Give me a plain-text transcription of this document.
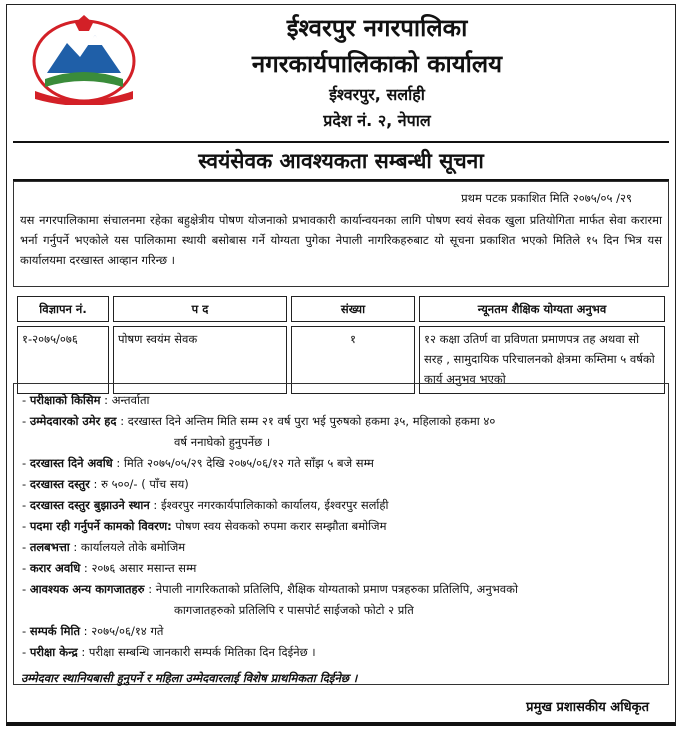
ईश्वरपुर नगरपालिका
नगरकार्यपालिकाको कार्यालय
ईश्वरपुर, सर्लाही
प्रदेश नं. २, नेपाल
स्वयंसेवक आवश्यकता सम्बन्धी सूचना
प्रथम पटक प्रकाशित मिति २०७५/०५ /२९
यस नगरपालिकामा संचालनमा रहेका बहुक्षेत्रीय पोषण योजनाको प्रभावकारी कार्यान्वयनका लागि पोषण स्वयं सेवक खुला प्रतियोगिता मार्फत सेवा करारमा भर्ना गर्नुपर्ने भएकोले यस पालिकामा स्थायी बसोबास गर्ने योग्यता पुगेका नेपाली नागरिकहरुबाट यो सूचना प्रकाशित भएको मितिले १५ दिन भित्र यस कार्यालयमा दरखास्त आव्हान गरिन्छ ।
विज्ञापन नं.	प द	संख्या	न्यूनतम शैक्षिक योग्यता अनुभव
१-२०७५/०७६	पोषण स्वयंम सेवक	१	१२ कक्षा उतिर्ण वा प्रविणता प्रमाणपत्र तह अथवा सो सरह , सामुदायिक परिचालनको क्षेत्रमा कम्तिमा ५ वर्षको कार्य अनुभव भएको
- परीक्षाको किसिम : अन्तर्वाता
- उम्मेदवारको उमेर हद : दरखास्त दिने अन्तिम मिति सम्म २१ वर्ष पुरा भई पुरुषको हकमा ३५, महिलाको हकमा ४०
वर्ष ननाघेको हुनुपर्नेछ ।
- दरखास्त दिने अवधि : मिति २०७५/०५/२९ देखि २०७५/०६/१२ गते साँझ ५ बजे सम्म
- दरखास्त दस्तुर : रु ५००/- ( पाँच सय)
- दरखास्त दस्तुर बुझाउने स्थान : ईश्वरपुर नगरकार्यपालिकाको कार्यालय, ईश्वरपुर सर्लाही
- पदमा रही गर्नुपर्ने कामको विवरण: पोषण स्वय सेवकको रुपमा करार सम्झौता बमोजिम
- तलबभत्ता : कार्यालयले तोके बमोजिम
- करार अवधि : २०७६ असार मसान्त सम्म
- आवश्यक अन्य कागजातहरु : नेपाली नागरिकताको प्रतिलिपि, शैक्षिक योग्यताको प्रमाण पत्रहरुका प्रतिलिपि, अनुभवको
कागजातहरुको प्रतिलिपि र पासपोर्ट साईजको फोटो २ प्रति
- सम्पर्क मिति : २०७५/०६/१४ गते
- परीक्षा केन्द्र : परीक्षा सम्बन्धि जानकारी सम्पर्क मितिका दिन दिईनेछ ।
उम्मेदवार स्थानियबासी हुनुपर्ने र महिला उम्मेदवारलाई विशेष प्राथमिकता दिईनेछ ।
प्रमुख प्रशासकीय अधिकृत
